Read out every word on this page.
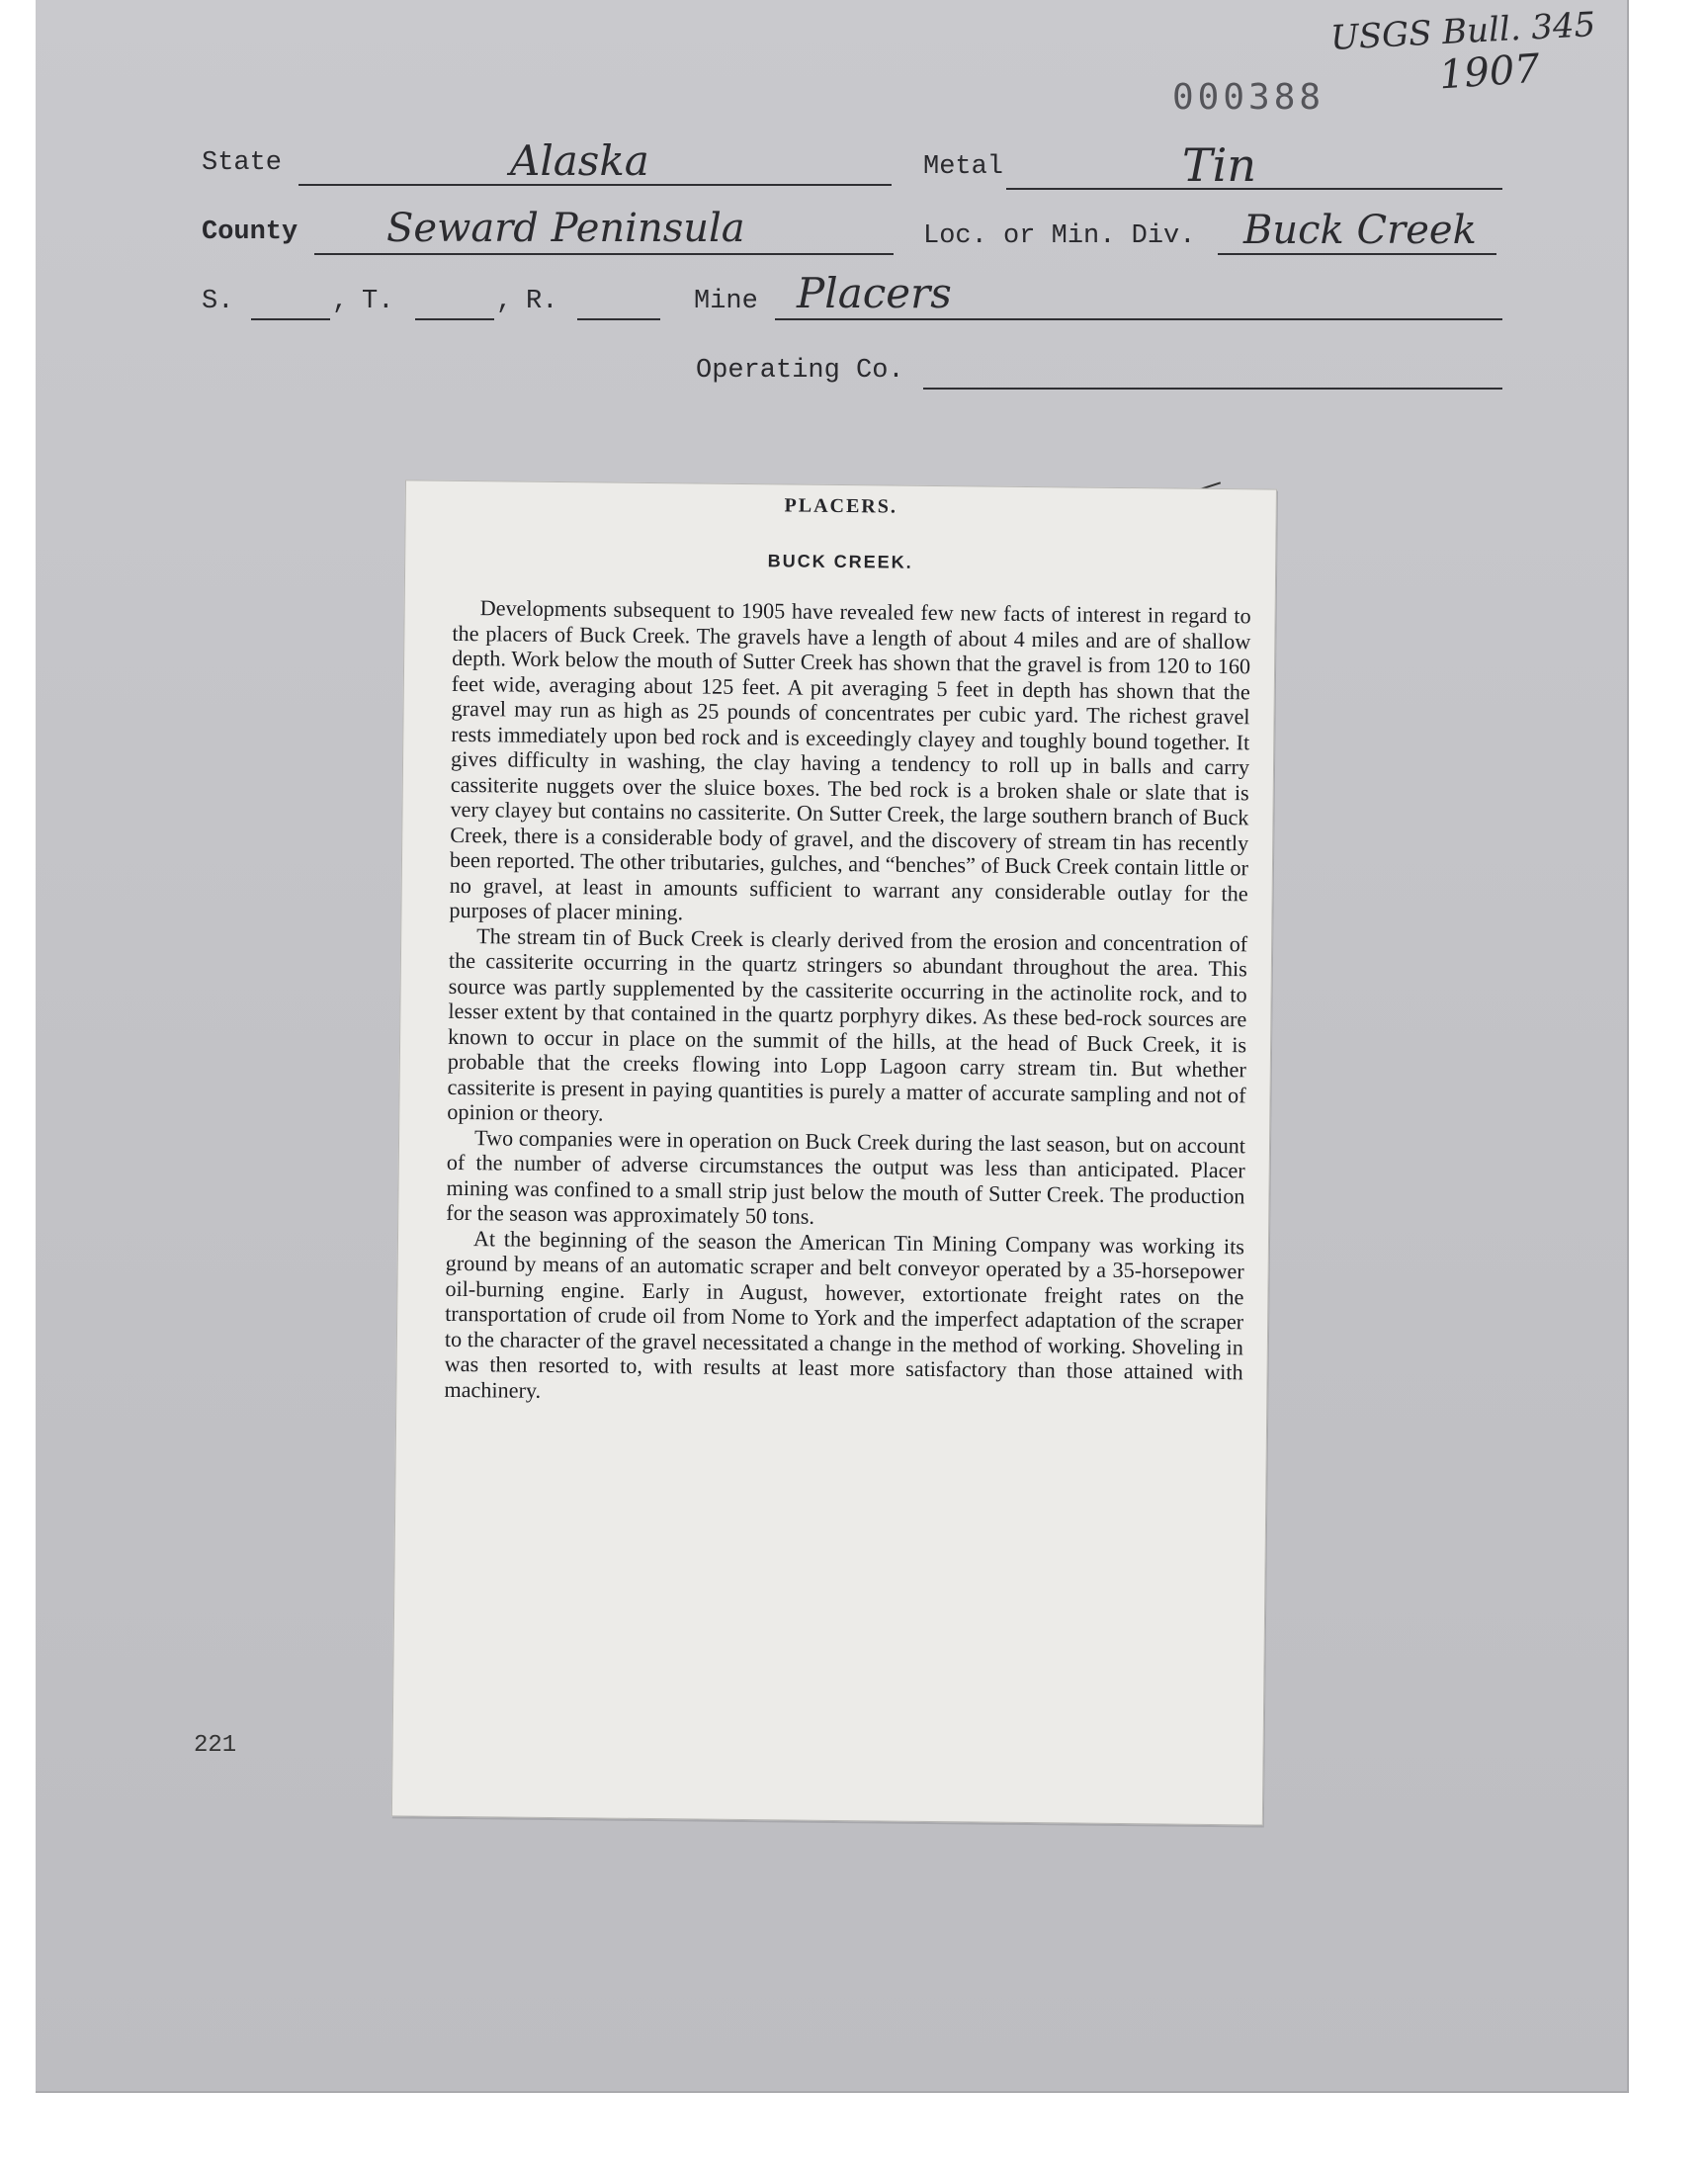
USGS Bull. 345
1907
000388
State	Alaska	Metal	Tin
County Seward Peninsula	Loc. or Min. Div. Buck Creek
S.	, T.	, R.	Mine Placers
Operating Co.
221
PLACERS.
BUCK CREEK.

Developments subsequent to 1905 have revealed few new facts of interest in regard to the placers of Buck Creek. The gravels have a length of about 4 miles and are of shallow depth. Work below the mouth of Sutter Creek has shown that the gravel is from 120 to 160 feet wide, averaging about 125 feet. A pit averaging 5 feet in depth has shown that the gravel may run as high as 25 pounds of concentrates per cubic yard. The richest gravel rests immediately upon bed rock and is exceedingly clayey and toughly bound together. It gives difficulty in washing, the clay having a tendency to roll up in balls and carry cassiterite nuggets over the sluice boxes. The bed rock is a broken shale or slate that is very clayey but contains no cassiterite. On Sutter Creek, the large southern branch of Buck Creek, there is a considerable body of gravel, and the discovery of stream tin has recently been reported. The other tributaries, gulches, and “benches” of Buck Creek contain little or no gravel, at least in amounts sufficient to warrant any considerable outlay for the purposes of placer mining.

The stream tin of Buck Creek is clearly derived from the erosion and concentration of the cassiterite occurring in the quartz stringers so abundant throughout the area. This source was partly supplemented by the cassiterite occurring in the actinolite rock, and to lesser extent by that contained in the quartz porphyry dikes. As these bed-rock sources are known to occur in place on the summit of the hills, at the head of Buck Creek, it is probable that the creeks flowing into Lopp Lagoon carry stream tin. But whether cassiterite is present in paying quantities is purely a matter of accurate sampling and not of opinion or theory.

Two companies were in operation on Buck Creek during the last season, but on account of the number of adverse circumstances the output was less than anticipated. Placer mining was confined to a small strip just below the mouth of Sutter Creek. The production for the season was approximately 50 tons.

At the beginning of the season the American Tin Mining Company was working its ground by means of an automatic scraper and belt conveyor operated by a 35-horsepower oil-burning engine. Early in August, however, extortionate freight rates on the transportation of crude oil from Nome to York and the imperfect adaptation of the scraper to the character of the gravel necessitated a change in the method of working. Shoveling in was then resorted to, with results at least more satisfactory than those attained with machinery.
